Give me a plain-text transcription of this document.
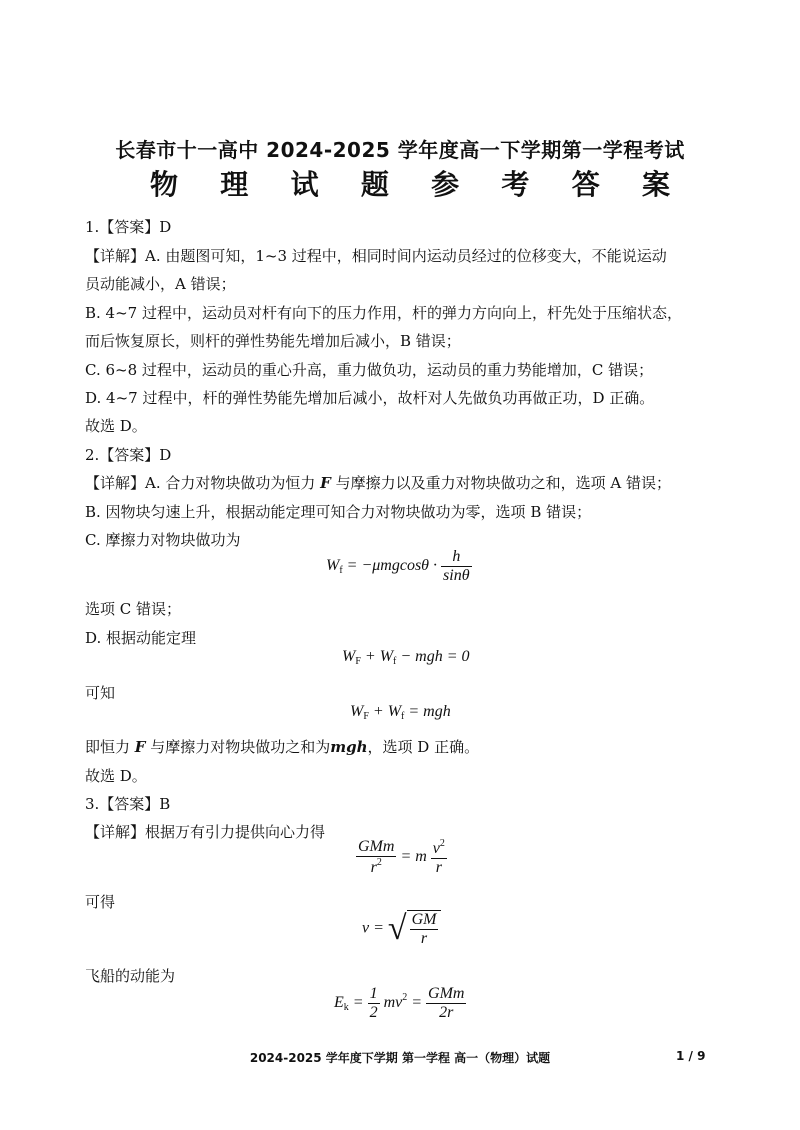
长春市十一高中 2024-2025 学年度高一下学期第一学程考试
物 理 试 题 参 考 答 案
1.【答案】D
【详解】A. 由题图可知，1~3 过程中，相同时间内运动员经过的位移变大，不能说运动
员动能减小，A 错误；
B. 4~7 过程中，运动员对杆有向下的压力作用，杆的弹力方向向上，杆先处于压缩状态，
而后恢复原长，则杆的弹性势能先增加后减小，B 错误；
C. 6~8 过程中，运动员的重心升高，重力做负功，运动员的重力势能增加，C 错误；
D. 4~7 过程中，杆的弹性势能先增加后减小，故杆对人先做负功再做正功，D 正确。
故选 D。
2.【答案】D
【详解】A. 合力对物块做功为恒力 F 与摩擦力以及重力对物块做功之和，选项 A 错误；
B. 因物块匀速上升，根据动能定理可知合力对物块做功为零，选项 B 错误；
C. 摩擦力对物块做功为
$W_f = -\mu mgcos\theta \cdot \frac{h}{\sin\theta}$
选项 C 错误；
D. 根据动能定理
$W_F + W_f$ − mgh = 0
可知
$W_F + W_f$ = mgh
即恒力 F 与摩擦力对物块做功之和为mgh，选项 D 正确。
故选 D。
3.【答案】B
【详解】根据万有引力提供向心力得
$\frac{\text{GMm}}{r^2} = m \frac{v^2}{r}$
可得
v = √ $\frac{GM}{r}$
飞船的动能为
$E_k = \frac{1}{2} mv^2 = \frac{\text{GMm}}{2r}$
2024-2025 学年度下学期 第一学程 高一（物理）试题	1 / 9
